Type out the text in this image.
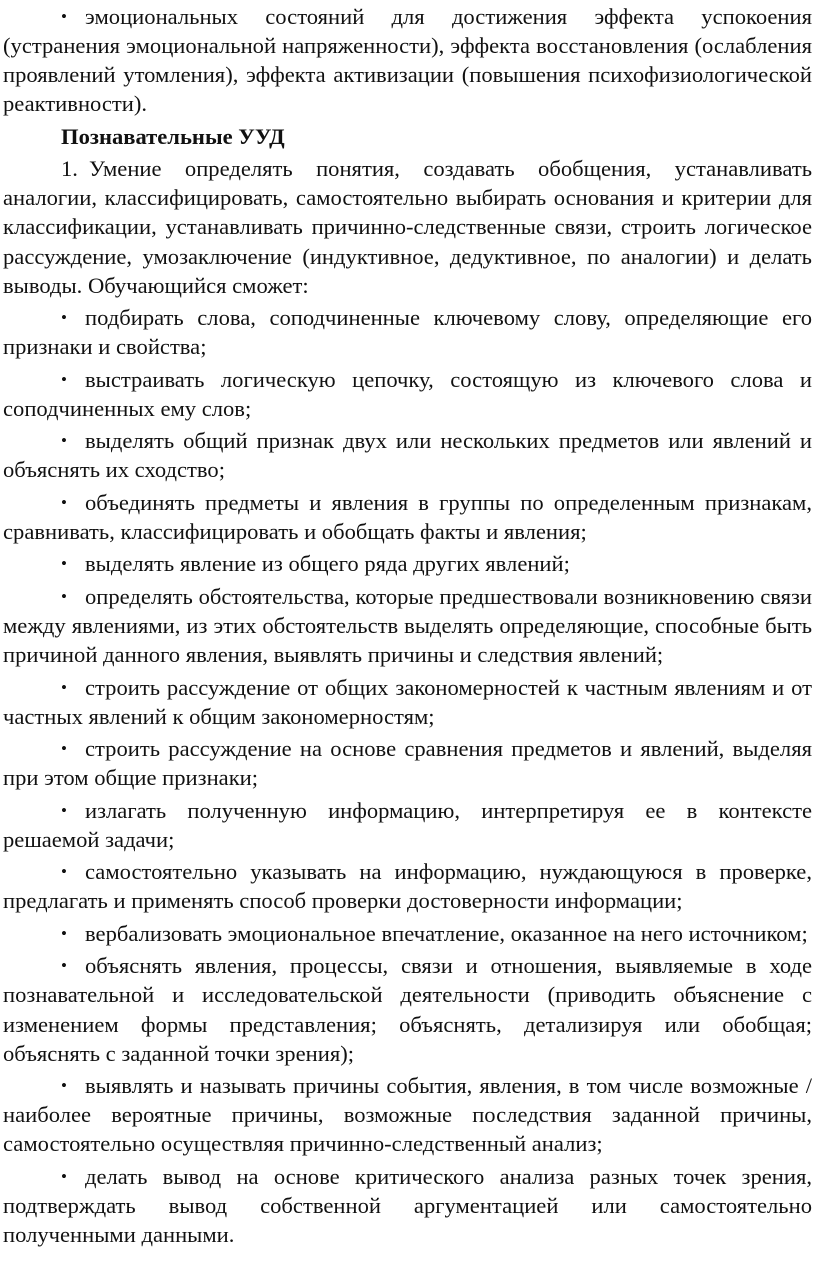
• эмоциональных состояний для достижения эффекта успокоения (устранения эмоциональной напряженности), эффекта восстановления (ослабления проявлений утомления), эффекта активизации (повышения психофизиологической реактивности).

Познавательные УУД

1. Умение определять понятия, создавать обобщения, устанавливать аналогии, классифицировать, самостоятельно выбирать основания и критерии для классификации, устанавливать причинно-следственные связи, строить логическое рассуждение, умозаключение (индуктивное, дедуктивное, по аналогии) и делать выводы. Обучающийся сможет:

• подбирать слова, соподчиненные ключевому слову, определяющие его признаки и свойства;

• выстраивать логическую цепочку, состоящую из ключевого слова и соподчиненных ему слов;

• выделять общий признак двух или нескольких предметов или явлений и объяснять их сходство;

• объединять предметы и явления в группы по определенным признакам, сравнивать, классифицировать и обобщать факты и явления;

• выделять явление из общего ряда других явлений;

• определять обстоятельства, которые предшествовали возникновению связи между явлениями, из этих обстоятельств выделять определяющие, способные быть причиной данного явления, выявлять причины и следствия явлений;

• строить рассуждение от общих закономерностей к частным явлениям и от частных явлений к общим закономерностям;

• строить рассуждение на основе сравнения предметов и явлений, выделяя при этом общие признаки;

• излагать полученную информацию, интерпретируя ее в контексте решаемой задачи;

• самостоятельно указывать на информацию, нуждающуюся в проверке, предлагать и применять способ проверки достоверности информации;

• вербализовать эмоциональное впечатление, оказанное на него источником;

• объяснять явления, процессы, связи и отношения, выявляемые в ходе познавательной и исследовательской деятельности (приводить объяснение с изменением формы представления; объяснять, детализируя или обобщая; объяснять с заданной точки зрения);

• выявлять и называть причины события, явления, в том числе возможные /наиболее вероятные причины, возможные последствия заданной причины, самостоятельно осуществляя причинно-следственный анализ;

• делать вывод на основе критического анализа разных точек зрения, подтверждать вывод собственной аргументацией или самостоятельно полученными данными.
